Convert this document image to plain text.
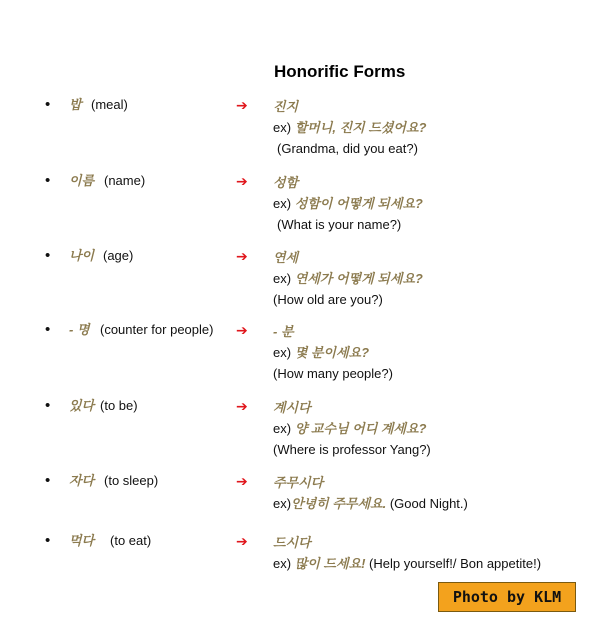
Honorific Forms
• 밥 (meal)	➔ 진지
ex) 할머니, 진지 드셨어요?
(Grandma, did you eat?)
• 이름 (name)	➔ 성함
ex) 성함이 어떻게 되세요?
(What is your name?)
• 나이 (age)	➔ 연세
ex) 연세가 어떻게 되세요?
(How old are you?)
• - 명 (counter for people) ➔ - 분
ex) 몇 분이세요?
(How many people?)
• 있다 (to be)	➔ 계시다
ex) 양 교수님 어디 계세요?
(Where is professor Yang?)
• 자다 (to sleep)	➔ 주무시다
ex)안녕히 주무세요. (Good Night.)
• 먹다 (to eat)	➔ 드시다
ex) 많이 드세요! (Help yourself!/ Bon appetite!)
Photo by KLM
